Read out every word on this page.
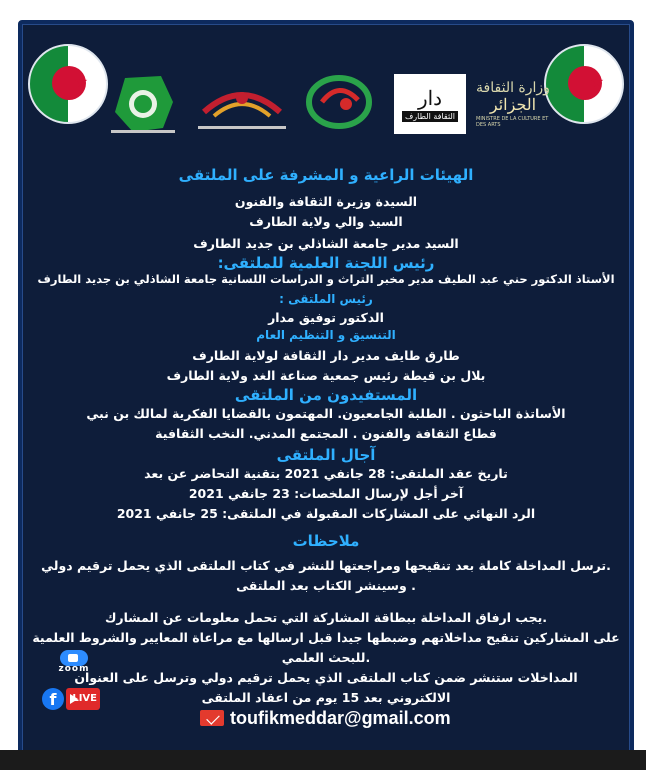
★	★
دار
الثقافة الطارف
وزارة الثقافة
الجزائر
MINISTRE DE LA CULTURE ET DES ARTS
الهيئات الراعية و المشرفة على الملتقى
السيدة وزيرة الثقافة والفنون
السيد والي ولاية الطارف
السيد مدير جامعة الشاذلي بن جديد الطارف
رئيس اللجنة العلمية للملتقى:
الأستاذ الدكتور حني عبد الطيف مدير مخبر التراث و الدراسات اللسانية جامعة الشاذلي بن جديد الطارف
رئيس الملتقى :
الدكتور توفيق مدار
التنسيق و التنظيم العام
طارق طايف مدير دار الثقافة لولاية الطارف
بلال بن قيطة رئيس جمعية صناعة الغد ولاية الطارف
المستفيدون من الملتقى
الأساتذة الباحثون . الطلبة الجامعيون. المهتمون بالقضايا الفكرية لمالك بن نبي
قطاع الثقافة والفنون . المجتمع المدني. النخب الثقافية
آجال الملتقى
تاريخ عقد الملتقى: 28 جانفي 2021 بتقنية التحاضر عن بعد
آخر أجل لإرسال الملخصات: 23 جانفي 2021
الرد النهائي على المشاركات المقبولة في الملتقى: 25 جانفي 2021
ملاحظات
.ترسل المداخلة كاملة بعد تنقيحها ومراجعتها للنشر في كتاب الملتقى الذي يحمل ترقيم دولي
. وسينشر الكتاب بعد الملتقى
.يجب ارفاق المداخلة ببطاقة المشاركة التي تحمل معلومات عن المشارك
على المشاركين تنقيح مداخلاتهم وضبطها جيدا قبل ارسالها مع مراعاة المعايير والشروط العلمية
.للبحث العلمي
المداخلات ستنشر ضمن كتاب الملتقى الذي يحمل ترقيم دولي وترسل على العنوان
الالكتروني بعد 15 يوم من اعقاد الملتقى
zoom
f	LIVE
toufikmeddar@gmail.com
